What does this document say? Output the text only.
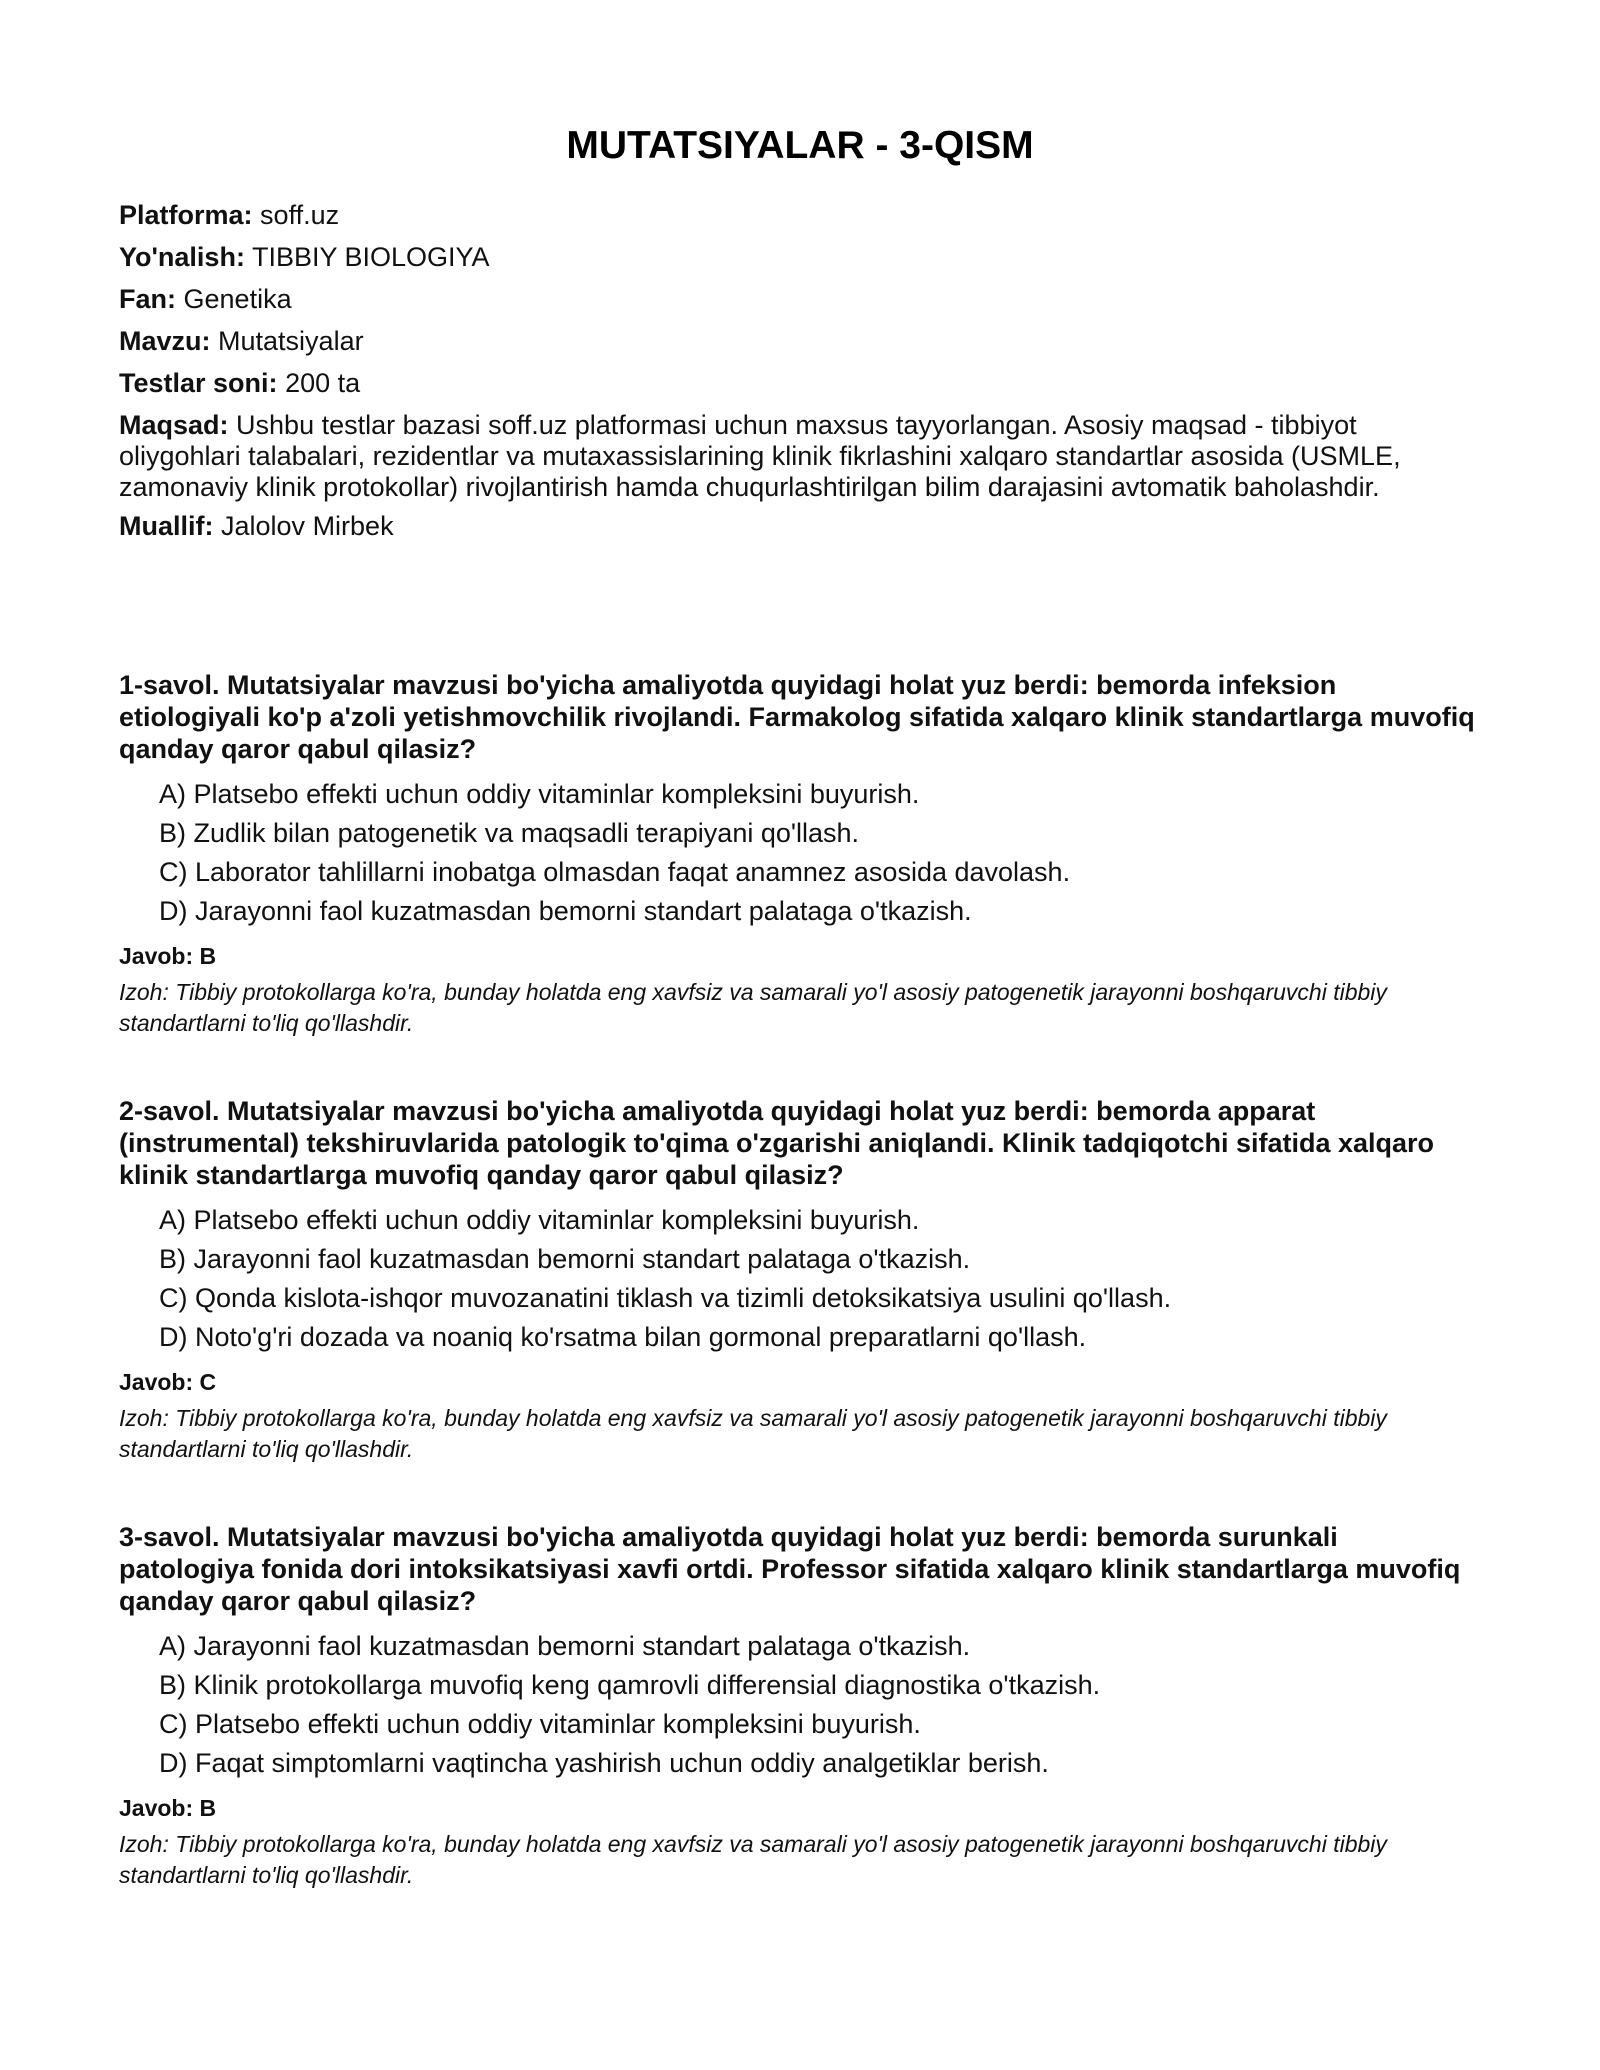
MUTATSIYALAR - 3-QISM
Platforma: soff.uz
Yo'nalish: TIBBIY BIOLOGIYA
Fan: Genetika
Mavzu: Mutatsiyalar
Testlar soni: 200 ta
Maqsad: Ushbu testlar bazasi soff.uz platformasi uchun maxsus tayyorlangan. Asosiy maqsad - tibbiyot oliygohlari talabalari, rezidentlar va mutaxassislarining klinik fikrlashini xalqaro standartlar asosida (USMLE, zamonaviy klinik protokollar) rivojlantirish hamda chuqurlashtirilgan bilim darajasini avtomatik baholashdir.
Muallif: Jalolov Mirbek

1-savol. Mutatsiyalar mavzusi bo'yicha amaliyotda quyidagi holat yuz berdi: bemorda infeksion etiologiyali ko'p a'zoli yetishmovchilik rivojlandi. Farmakolog sifatida xalqaro klinik standartlarga muvofiq qanday qaror qabul qilasiz?

A) Platsebo effekti uchun oddiy vitaminlar kompleksini buyurish.
B) Zudlik bilan patogenetik va maqsadli terapiyani qo'llash.
C) Laborator tahlillarni inobatga olmasdan faqat anamnez asosida davolash.
D) Jarayonni faol kuzatmasdan bemorni standart palataga o'tkazish.

Javob: B

Izoh: Tibbiy protokollarga ko'ra, bunday holatda eng xavfsiz va samarali yo'l asosiy patogenetik jarayonni boshqaruvchi tibbiy standartlarni to'liq qo'llashdir.

2-savol. Mutatsiyalar mavzusi bo'yicha amaliyotda quyidagi holat yuz berdi: bemorda apparat (instrumental) tekshiruvlarida patologik to'qima o'zgarishi aniqlandi. Klinik tadqiqotchi sifatida xalqaro klinik standartlarga muvofiq qanday qaror qabul qilasiz?

A) Platsebo effekti uchun oddiy vitaminlar kompleksini buyurish.
B) Jarayonni faol kuzatmasdan bemorni standart palataga o'tkazish.
C) Qonda kislota-ishqor muvozanatini tiklash va tizimli detoksikatsiya usulini qo'llash.
D) Noto'g'ri dozada va noaniq ko'rsatma bilan gormonal preparatlarni qo'llash.

Javob: C

Izoh: Tibbiy protokollarga ko'ra, bunday holatda eng xavfsiz va samarali yo'l asosiy patogenetik jarayonni boshqaruvchi tibbiy standartlarni to'liq qo'llashdir.

3-savol. Mutatsiyalar mavzusi bo'yicha amaliyotda quyidagi holat yuz berdi: bemorda surunkali patologiya fonida dori intoksikatsiyasi xavfi ortdi. Professor sifatida xalqaro klinik standartlarga muvofiq qanday qaror qabul qilasiz?

A) Jarayonni faol kuzatmasdan bemorni standart palataga o'tkazish.
B) Klinik protokollarga muvofiq keng qamrovli differensial diagnostika o'tkazish.
C) Platsebo effekti uchun oddiy vitaminlar kompleksini buyurish.
D) Faqat simptomlarni vaqtincha yashirish uchun oddiy analgetiklar berish.

Javob: B

Izoh: Tibbiy protokollarga ko'ra, bunday holatda eng xavfsiz va samarali yo'l asosiy patogenetik jarayonni boshqaruvchi tibbiy standartlarni to'liq qo'llashdir.
